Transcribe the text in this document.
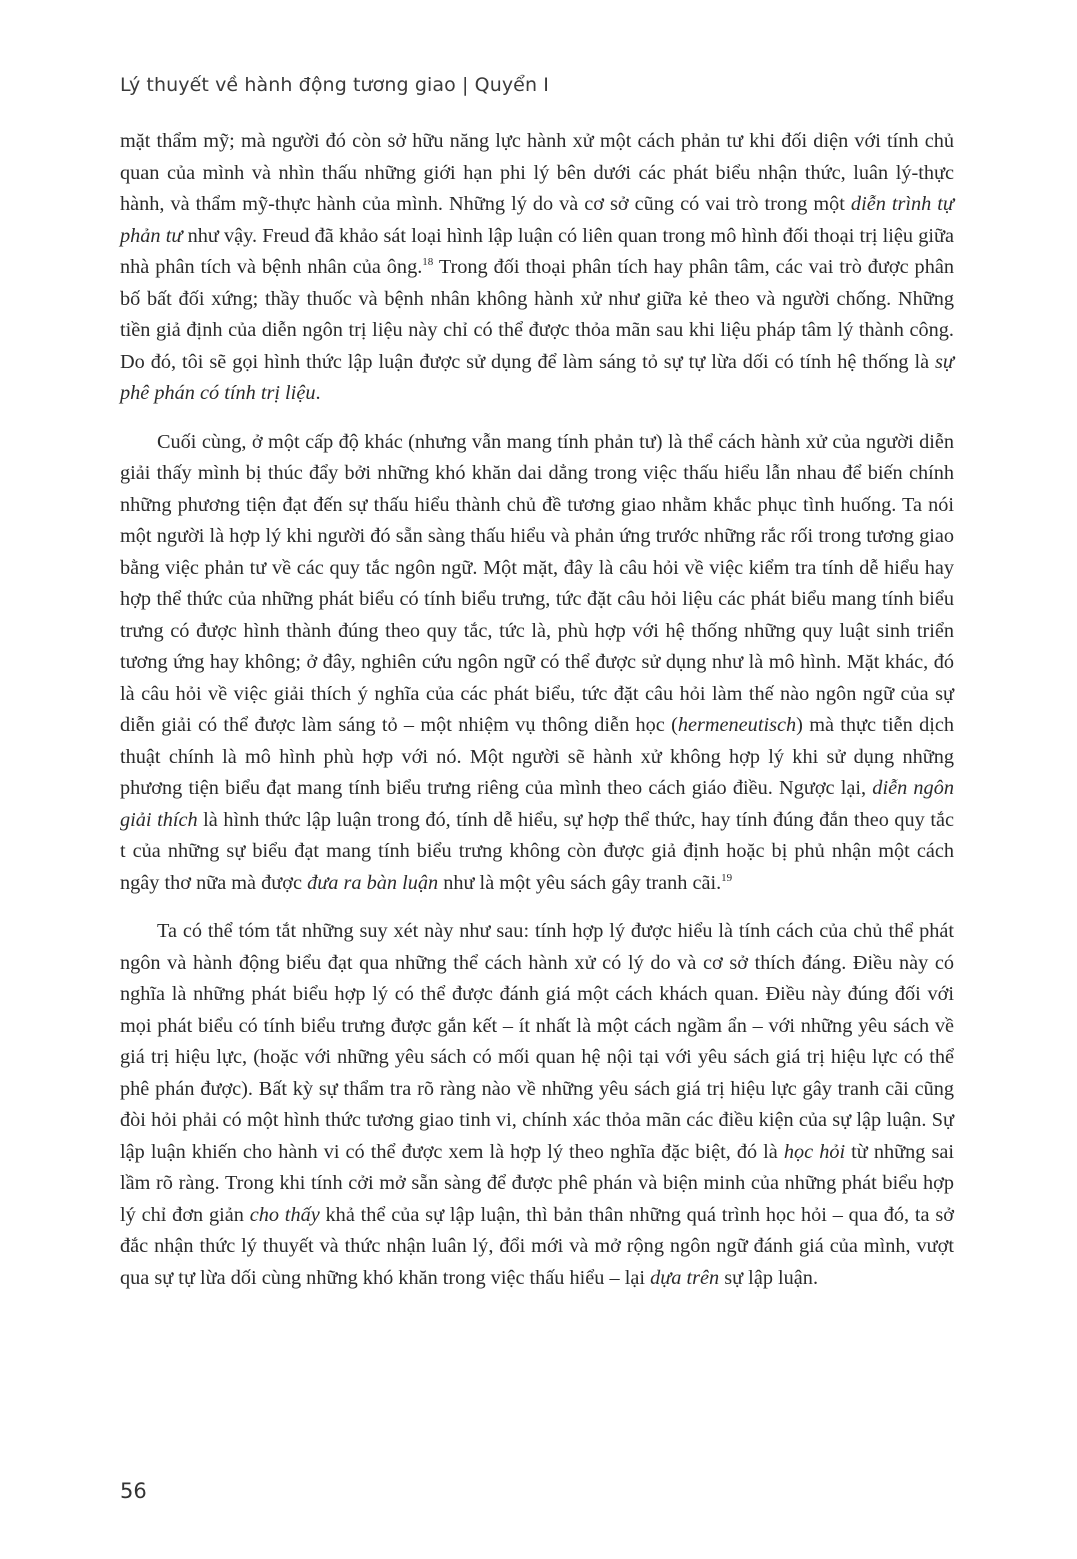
Lý thuyết về hành động tương giao | Quyển I

mặt thẩm mỹ; mà người đó còn sở hữu năng lực hành xử một cách phản tư khi đối diện với tính chủ quan của mình và nhìn thấu những giới hạn phi lý bên dưới các phát biểu nhận thức, luân lý-thực hành, và thẩm mỹ-thực hành của mình. Những lý do và cơ sở cũng có vai trò trong một diễn trình tự phản tư như vậy. Freud đã khảo sát loại hình lập luận có liên quan trong mô hình đối thoại trị liệu giữa nhà phân tích và bệnh nhân của ông.$^{18}$ Trong đối thoại phân tích hay phân tâm, các vai trò được phân bố bất đối xứng; thầy thuốc và bệnh nhân không hành xử như giữa kẻ theo và người chống. Những tiền giả định của diễn ngôn trị liệu này chỉ có thể được thỏa mãn sau khi liệu pháp tâm lý thành công. Do đó, tôi sẽ gọi hình thức lập luận được sử dụng để làm sáng tỏ sự tự lừa dối có tính hệ thống là sự phê phán có tính trị liệu.

Cuối cùng, ở một cấp độ khác (nhưng vẫn mang tính phản tư) là thể cách hành xử của người diễn giải thấy mình bị thúc đẩy bởi những khó khăn dai dẳng trong việc thấu hiểu lẫn nhau để biến chính những phương tiện đạt đến sự thấu hiểu thành chủ đề tương giao nhằm khắc phục tình huống. Ta nói một người là hợp lý khi người đó sẵn sàng thấu hiểu và phản ứng trước những rắc rối trong tương giao bằng việc phản tư về các quy tắc ngôn ngữ. Một mặt, đây là câu hỏi về việc kiểm tra tính dễ hiểu hay hợp thể thức của những phát biểu có tính biểu trưng, tức đặt câu hỏi liệu các phát biểu mang tính biểu trưng có được hình thành đúng theo quy tắc, tức là, phù hợp với hệ thống những quy luật sinh triển tương ứng hay không; ở đây, nghiên cứu ngôn ngữ có thể được sử dụng như là mô hình. Mặt khác, đó là câu hỏi về việc giải thích ý nghĩa của các phát biểu, tức đặt câu hỏi làm thế nào ngôn ngữ của sự diễn giải có thể được làm sáng tỏ – một nhiệm vụ thông diễn học (hermeneutisch) mà thực tiễn dịch thuật chính là mô hình phù hợp với nó. Một người sẽ hành xử không hợp lý khi sử dụng những phương tiện biểu đạt mang tính biểu trưng riêng của mình theo cách giáo điều. Ngược lại, diễn ngôn giải thích là hình thức lập luận trong đó, tính dễ hiểu, sự hợp thể thức, hay tính đúng đắn theo quy tắc t của những sự biểu đạt mang tính biểu trưng không còn được giả định hoặc bị phủ nhận một cách ngây thơ nữa mà được đưa ra bàn luận như là một yêu sách gây tranh cãi.$^{19}$

Ta có thể tóm tắt những suy xét này như sau: tính hợp lý được hiểu là tính cách của chủ thể phát ngôn và hành động biểu đạt qua những thể cách hành xử có lý do và cơ sở thích đáng. Điều này có nghĩa là những phát biểu hợp lý có thể được đánh giá một cách khách quan. Điều này đúng đối với mọi phát biểu có tính biểu trưng được gắn kết – ít nhất là một cách ngầm ẩn – với những yêu sách về giá trị hiệu lực, (hoặc với những yêu sách có mối quan hệ nội tại với yêu sách giá trị hiệu lực có thể phê phán được). Bất kỳ sự thẩm tra rõ ràng nào về những yêu sách giá trị hiệu lực gây tranh cãi cũng đòi hỏi phải có một hình thức tương giao tinh vi, chính xác thỏa mãn các điều kiện của sự lập luận. Sự lập luận khiến cho hành vi có thể được xem là hợp lý theo nghĩa đặc biệt, đó là học hỏi từ những sai lầm rõ ràng. Trong khi tính cởi mở sẵn sàng để được phê phán và biện minh của những phát biểu hợp lý chỉ đơn giản cho thấy khả thể của sự lập luận, thì bản thân những quá trình học hỏi – qua đó, ta sở đắc nhận thức lý thuyết và thức nhận luân lý, đổi mới và mở rộng ngôn ngữ đánh giá của mình, vượt qua sự tự lừa dối cùng những khó khăn trong việc thấu hiểu – lại dựa trên sự lập luận.

56
